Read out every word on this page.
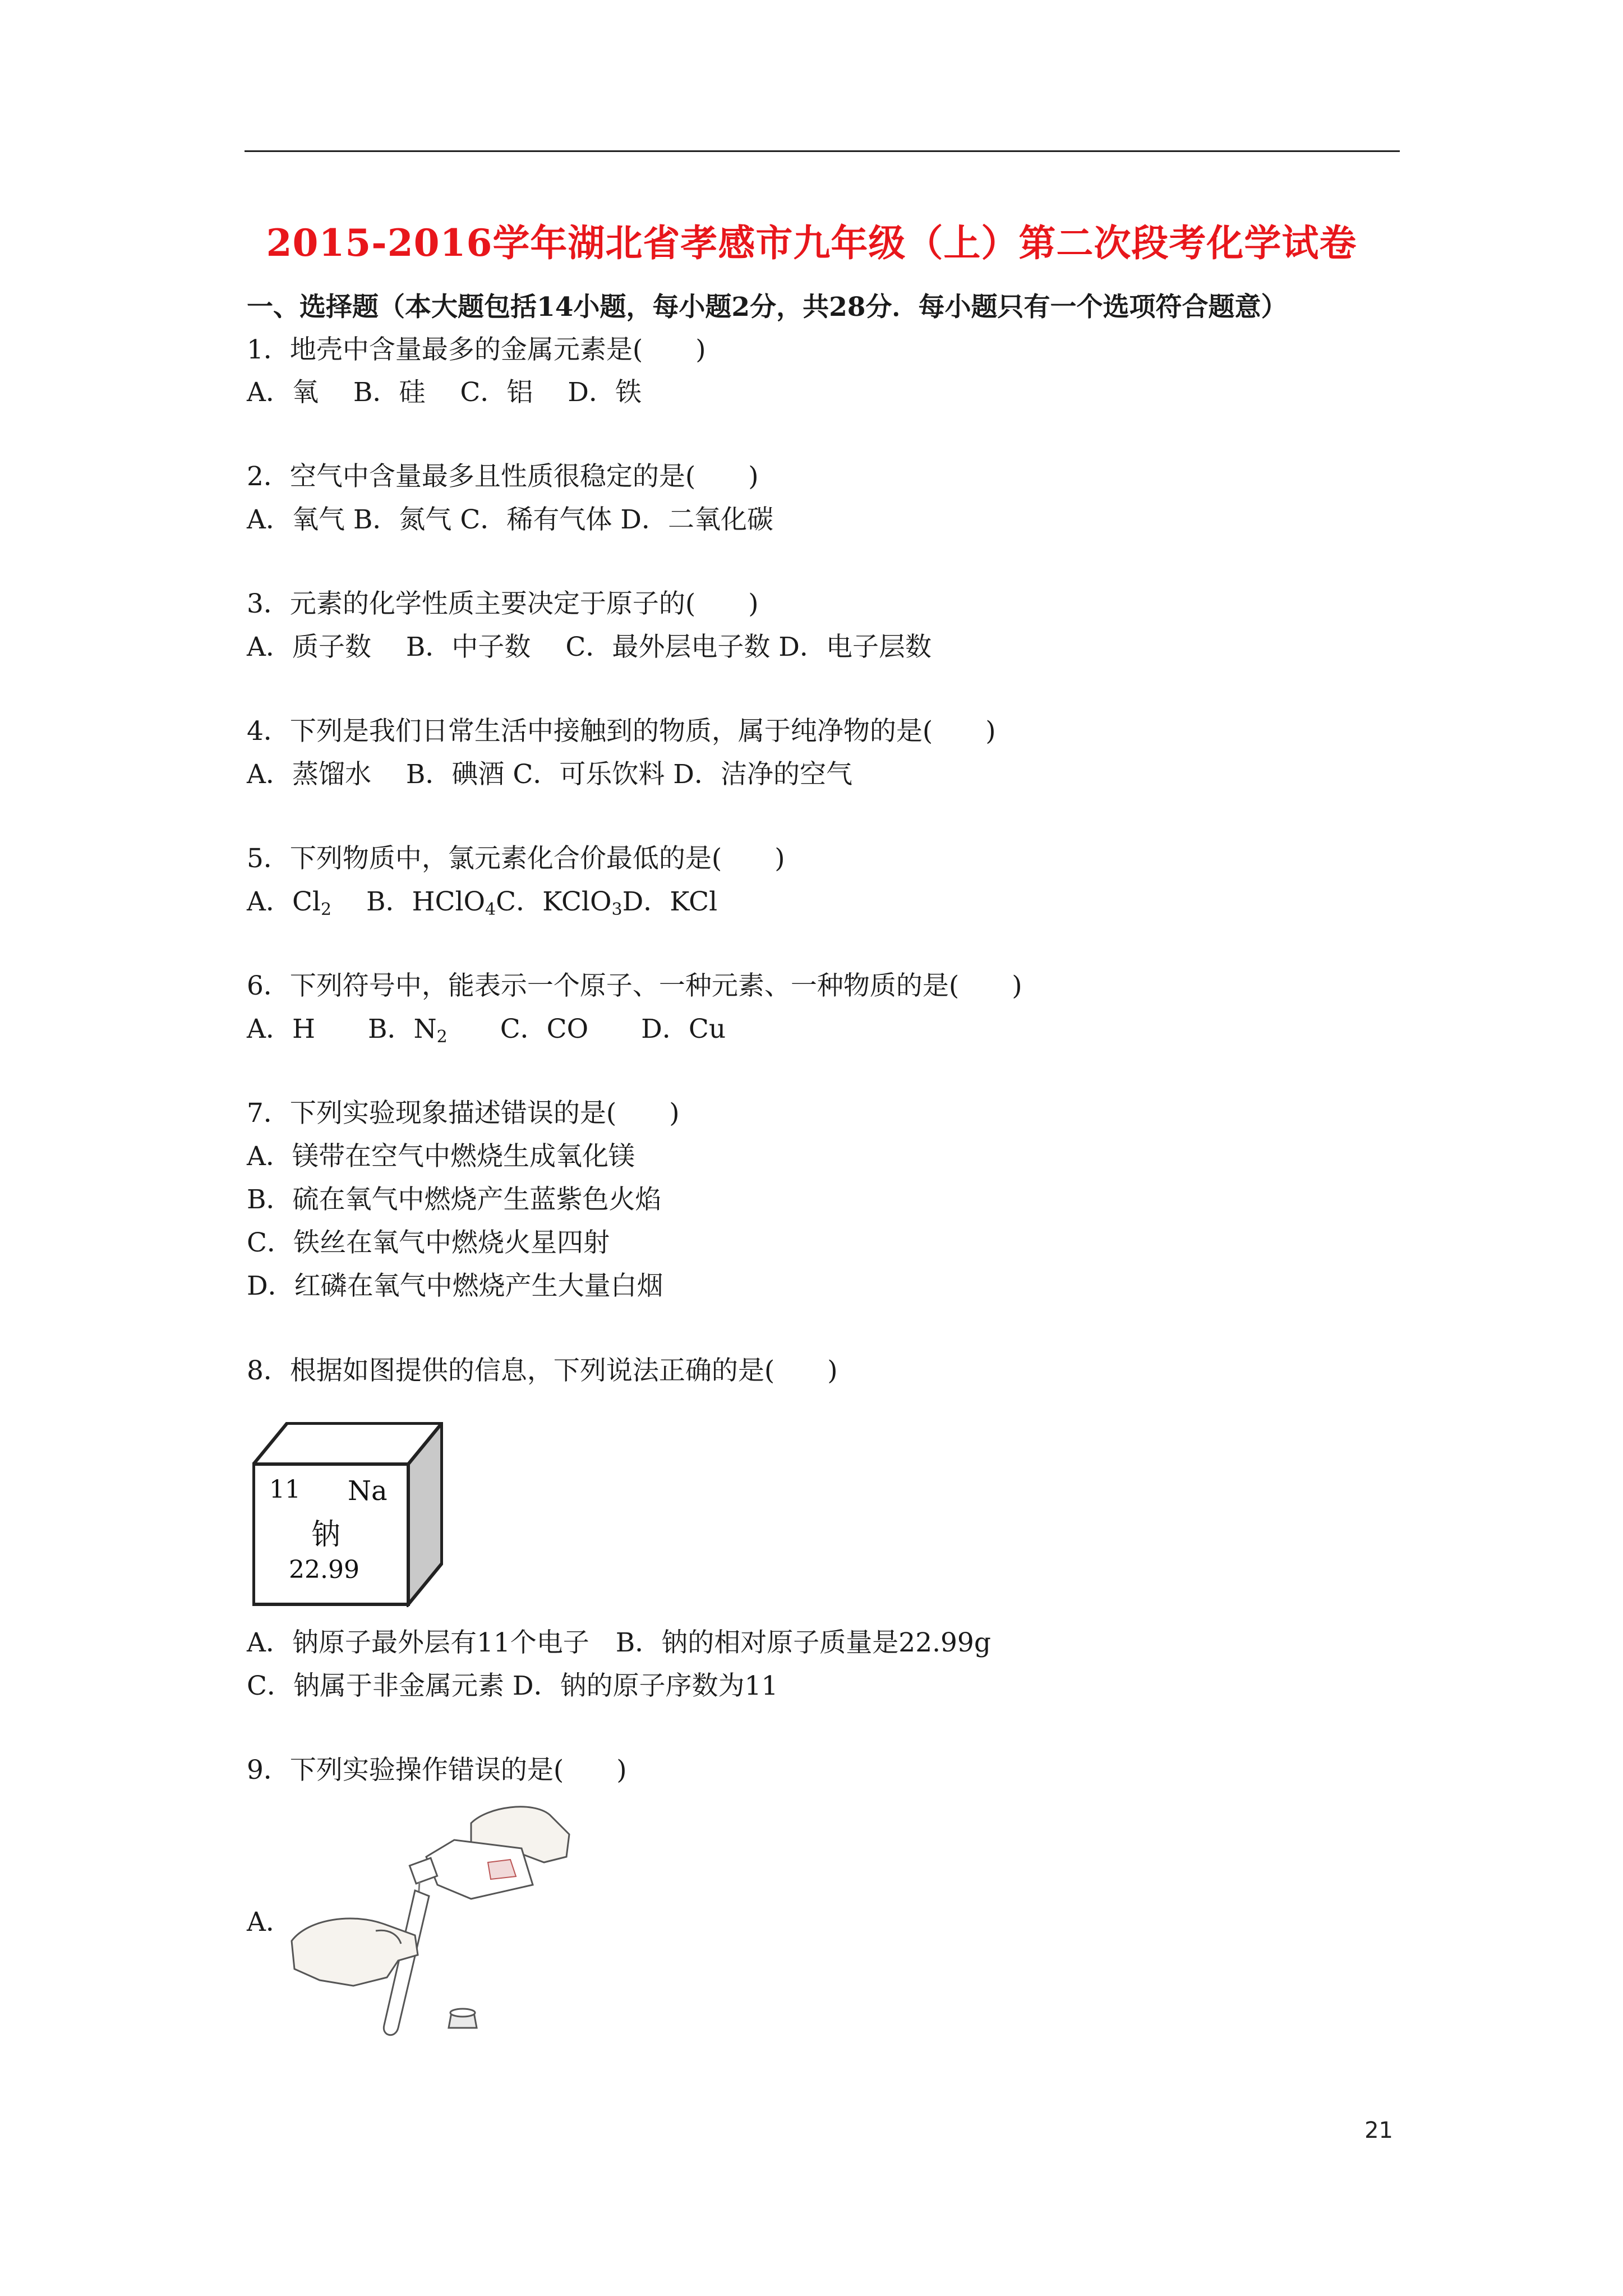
2015-2016学年湖北省孝感市九年级（上）第二次段考化学试卷
一、选择题（本大题包括14小题，每小题2分，共28分．每小题只有一个选项符合题意）
1．地壳中含量最多的金属元素是(　　)
A．氧　 B．硅　 C．铝　 D．铁
2．空气中含量最多且性质很稳定的是(　　)
A．氧气 B．氮气 C．稀有气体 D．二氧化碳
3．元素的化学性质主要决定于原子的(　　)
A．质子数　 B．中子数　 C．最外层电子数 D．电子层数
4．下列是我们日常生活中接触到的物质，属于纯净物的是(　　)
A．蒸馏水　 B．碘酒 C．可乐饮料 D．洁净的空气
5．下列物质中，氯元素化合价最低的是(　　)
A．$Cl_2$　 B．HClO$_4$C．KClO$_3$D．KCl
6．下列符号中，能表示一个原子、一种元素、一种物质的是(　　)
A．H　　 B．$N_2$　　 C．CO　　 D．Cu
7．下列实验现象描述错误的是(　　)
A．镁带在空气中燃烧生成氧化镁
B．硫在氧气中燃烧产生蓝紫色火焰
C．铁丝在氧气中燃烧火星四射
D．红磷在氧气中燃烧产生大量白烟
8．根据如图提供的信息，下列说法正确的是(　　)
11 Na
钠
22.99
A．钠原子最外层有11个电子　B．钠的相对原子质量是22.99g
C．钠属于非金属元素 D．钠的原子序数为11
9．下列实验操作错误的是(　　)
A．
21
